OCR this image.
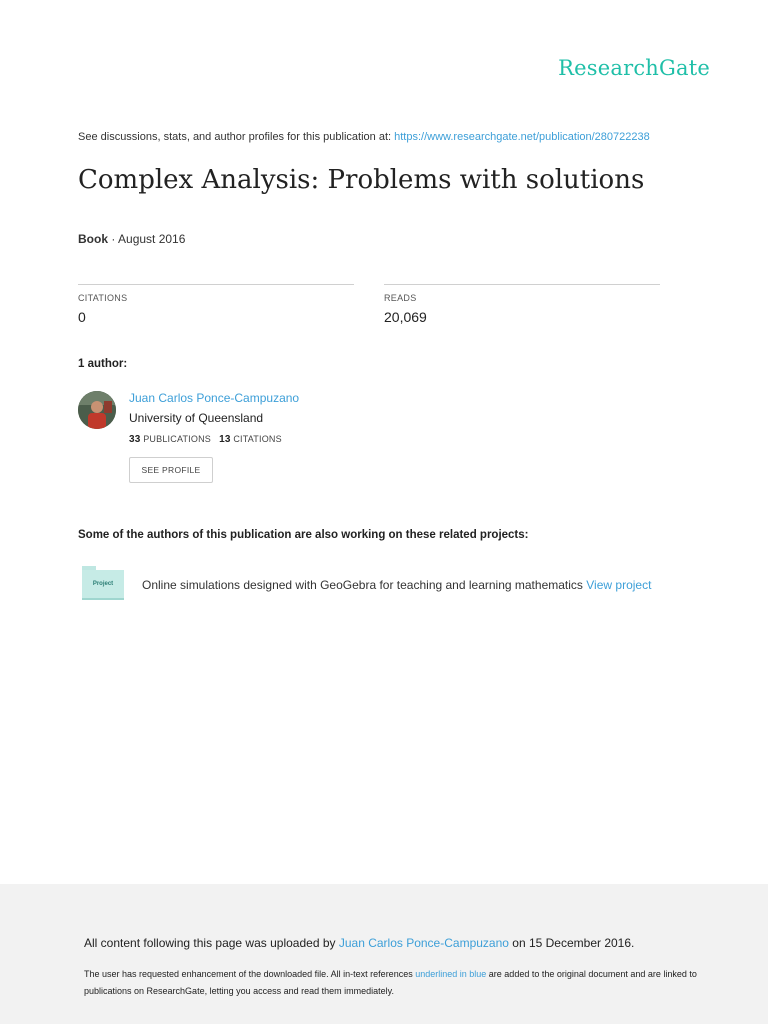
ResearchGate
See discussions, stats, and author profiles for this publication at: https://www.researchgate.net/publication/280722238
Complex Analysis: Problems with solutions
Book · August 2016
CITATIONS
0
READS
20,069
1 author:
Juan Carlos Ponce-Campuzano
University of Queensland
33 PUBLICATIONS 13 CITATIONS
SEE PROFILE
Some of the authors of this publication are also working on these related projects:
Project	Online simulations designed with GeoGebra for teaching and learning mathematics View project
All content following this page was uploaded by Juan Carlos Ponce-Campuzano on 15 December 2016.
The user has requested enhancement of the downloaded file. All in-text references underlined in blue are added to the original document and are linked to publications on ResearchGate, letting you access and read them immediately.
